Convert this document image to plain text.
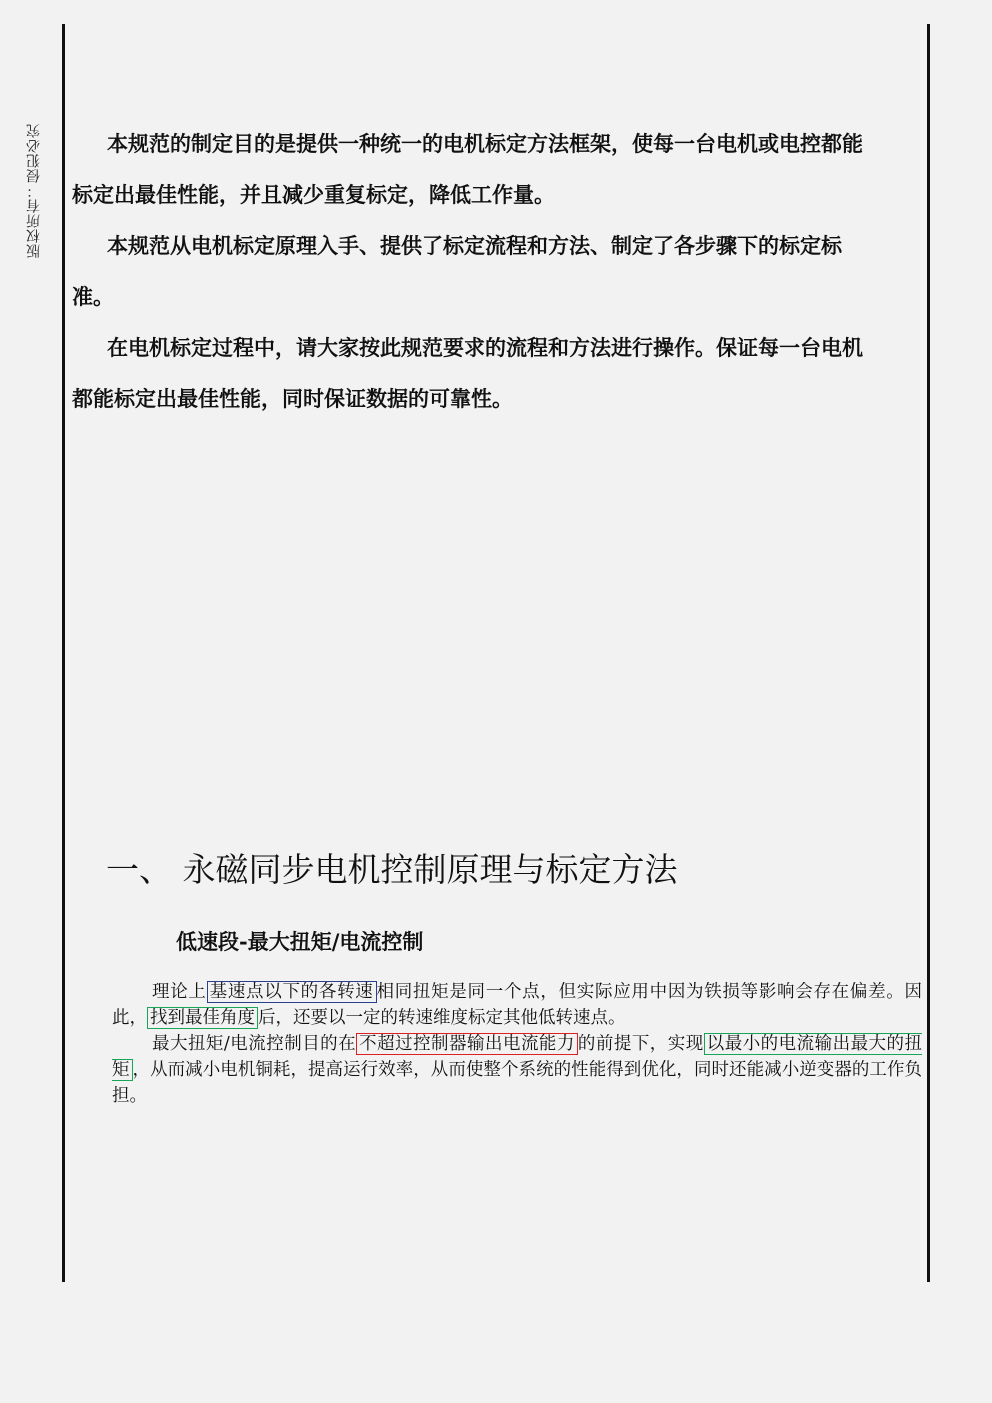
版权所有：侵犯必究	本规范的制定目的是提供一种统一的电机标定方法框架，使每一台电机或电控都能标定出最佳性能，并且减少重复标定，降低工作量。

本规范从电机标定原理入手、提供了标定流程和方法、制定了各步骤下的标定标准。

在电机标定过程中，请大家按此规范要求的流程和方法进行操作。保证每一台电机都能标定出最佳性能，同时保证数据的可靠性。

一、 永磁同步电机控制原理与标定方法
低速段-最大扭矩/电流控制

理论上 基速点以下的各转速 相同扭矩是同一个点，但实际应用中因为铁损等影响会存在偏差。因此， 找到最佳角度 后，还要以一定的转速维度标定其他低转速点。

最大扭矩/电流控制目的在 不超过控制器输出电流能力 的前提下，实现 以最小的电流输出最大的扭矩 ，从而减小电机铜耗，提高运行效率，从而使整个系统的性能得到优化，同时还能减小逆变器的工作负担。
